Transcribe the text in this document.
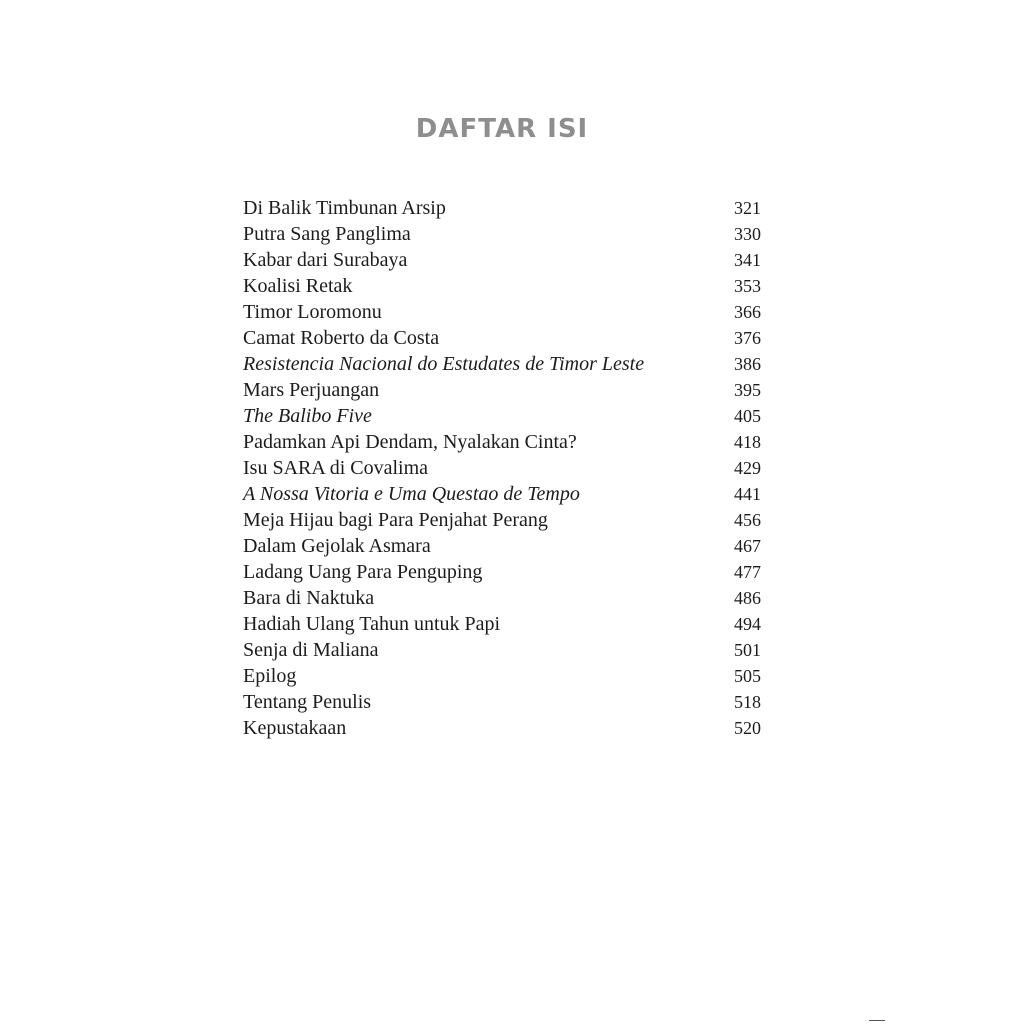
DAFTAR ISI
Di Balik Timbunan Arsip	321
Putra Sang Panglima	330
Kabar dari Surabaya	341
Koalisi Retak	353
Timor Loromonu	366
Camat Roberto da Costa	376
Resistencia Nacional do Estudates de Timor Leste	386
Mars Perjuangan	395
The Balibo Five	405
Padamkan Api Dendam, Nyalakan Cinta?	418
Isu SARA di Covalima	429
A Nossa Vitoria e Uma Questao de Tempo	441
Meja Hijau bagi Para Penjahat Perang	456
Dalam Gejolak Asmara	467
Ladang Uang Para Penguping	477
Bara di Naktuka	486
Hadiah Ulang Tahun untuk Papi	494
Senja di Maliana	501
Epilog	505
Tentang Penulis	518
Kepustakaan	520
